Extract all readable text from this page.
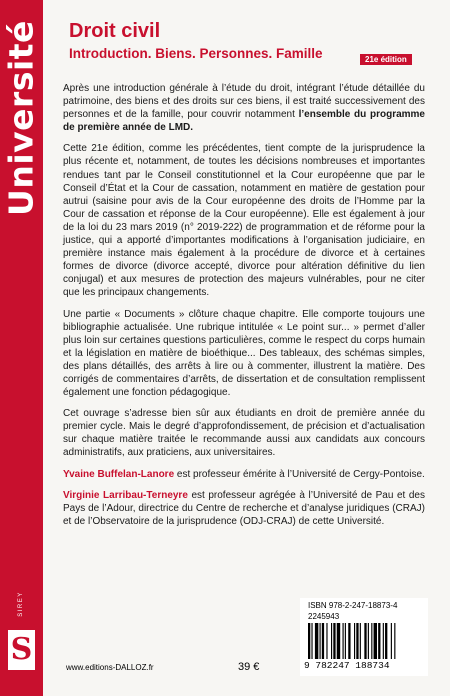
Université
SIREY
S
Droit civil
Introduction. Biens. Personnes. Famille	21e édition

Après une introduction générale à l’étude du droit, intégrant l’étude détaillée du patrimoine, des biens et des droits sur ces biens, il est traité successivement des personnes et de la famille, pour couvrir notamment l’ensemble du programme de première année de LMD.

Cette 21e édition, comme les précédentes, tient compte de la jurisprudence la plus récente et, notamment, de toutes les décisions nombreuses et importantes rendues tant par le Conseil constitutionnel et la Cour européenne que par le Conseil d’État et la Cour de cassation, notamment en matière de gestation pour autrui (saisine pour avis de la Cour européenne des droits de l’Homme par la Cour de cassation et réponse de la Cour européenne). Elle est également à jour de la loi du 23 mars 2019 (n° 2019-222) de programmation et de réforme pour la justice, qui a apporté d’importantes modifications à l’organisation judiciaire, en première instance mais également à la procédure de divorce et à certaines formes de divorce (divorce accepté, divorce pour altération définitive du lien conjugal) et aux mesures de protection des majeurs vulnérables, pour ne citer que les principaux changements.

Une partie « Documents » clôture chaque chapitre. Elle comporte toujours une bibliographie actualisée. Une rubrique intitulée « Le point sur... » permet d’aller plus loin sur certaines questions particulières, comme le respect du corps humain et la législation en matière de bioéthique... Des tableaux, des schémas simples, des plans détaillés, des arrêts à lire ou à commenter, illustrent la matière. Des corrigés de commentaires d’arrêts, de dissertation et de consultation remplissent également une fonction pédagogique.

Cet ouvrage s’adresse bien sûr aux étudiants en droit de première année du premier cycle. Mais le degré d’approfondissement, de précision et d’actualisation sur chaque matière traitée le recommande aussi aux candidats aux concours administratifs, aux praticiens, aux universitaires.

Yvaine Buffelan-Lanore est professeur émérite à l’Université de Cergy-Pontoise.

Virginie Larribau-Terneyre est professeur agrégée à l’Université de Pau et des Pays de l’Adour, directrice du Centre de recherche et d’analyse juridiques (CRAJ) et de l’Observatoire de la jurisprudence (ODJ-CRAJ) de cette Université.

ISBN 978-2-247-18873-4
2245943
9 782247 188734
www.editions-DALLOZ.fr	39 €
